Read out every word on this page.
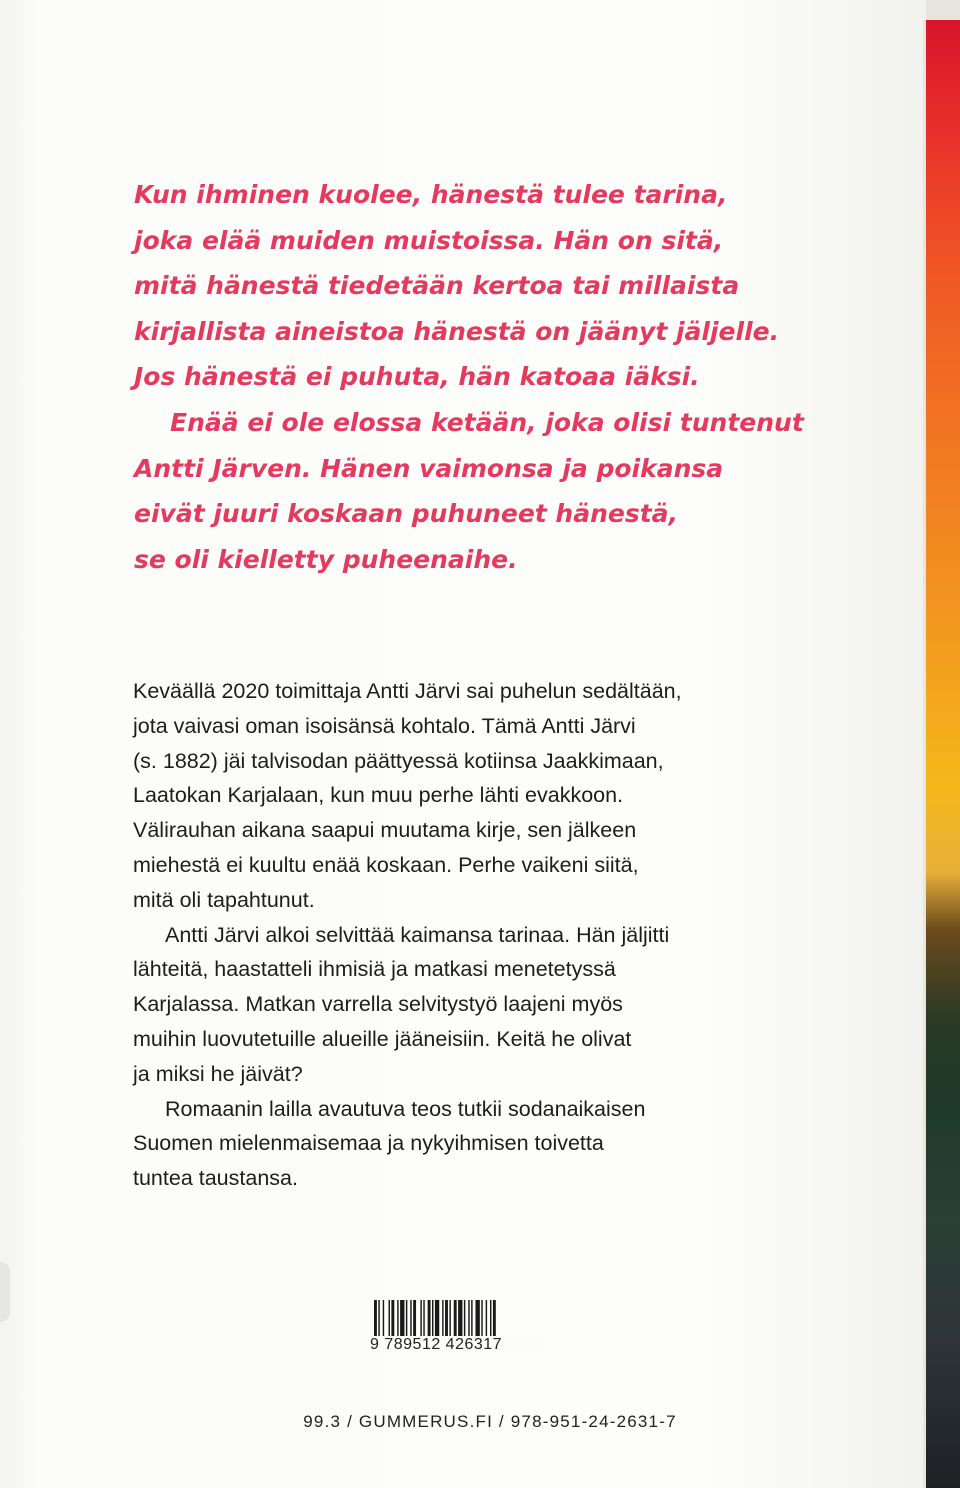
Kun ihminen kuolee, hänestä tulee tarina,
joka elää muiden muistoissa. Hän on sitä,
mitä hänestä tiedetään kertoa tai millaista
kirjallista aineistoa hänestä on jäänyt jäljelle.
Jos hänestä ei puhuta, hän katoaa iäksi.
Enää ei ole elossa ketään, joka olisi tuntenut
Antti Järven. Hänen vaimonsa ja poikansa
eivät juuri koskaan puhuneet hänestä,
se oli kielletty puheenaihe.
Keväällä 2020 toimittaja Antti Järvi sai puhelun sedältään,
jota vaivasi oman isoisänsä kohtalo. Tämä Antti Järvi
(s. 1882) jäi talvisodan päättyessä kotiinsa Jaakkimaan,
Laatokan Karjalaan, kun muu perhe lähti evakkoon.
Välirauhan aikana saapui muutama kirje, sen jälkeen
miehestä ei kuultu enää koskaan. Perhe vaikeni siitä,
mitä oli tapahtunut.
Antti Järvi alkoi selvittää kaimansa tarinaa. Hän jäljitti
lähteitä, haastatteli ihmisiä ja matkasi menetetyssä
Karjalassa. Matkan varrella selvitystyö laajeni myös
muihin luovutetuille alueille jääneisiin. Keitä he olivat
ja miksi he jäivät?
Romaanin lailla avautuva teos tutkii sodanaikaisen
Suomen mielenmaisemaa ja nykyihmisen toivetta
tuntea taustansa.
9 789512 426317
99.3 / GUMMERUS.FI / 978-951-24-2631-7
